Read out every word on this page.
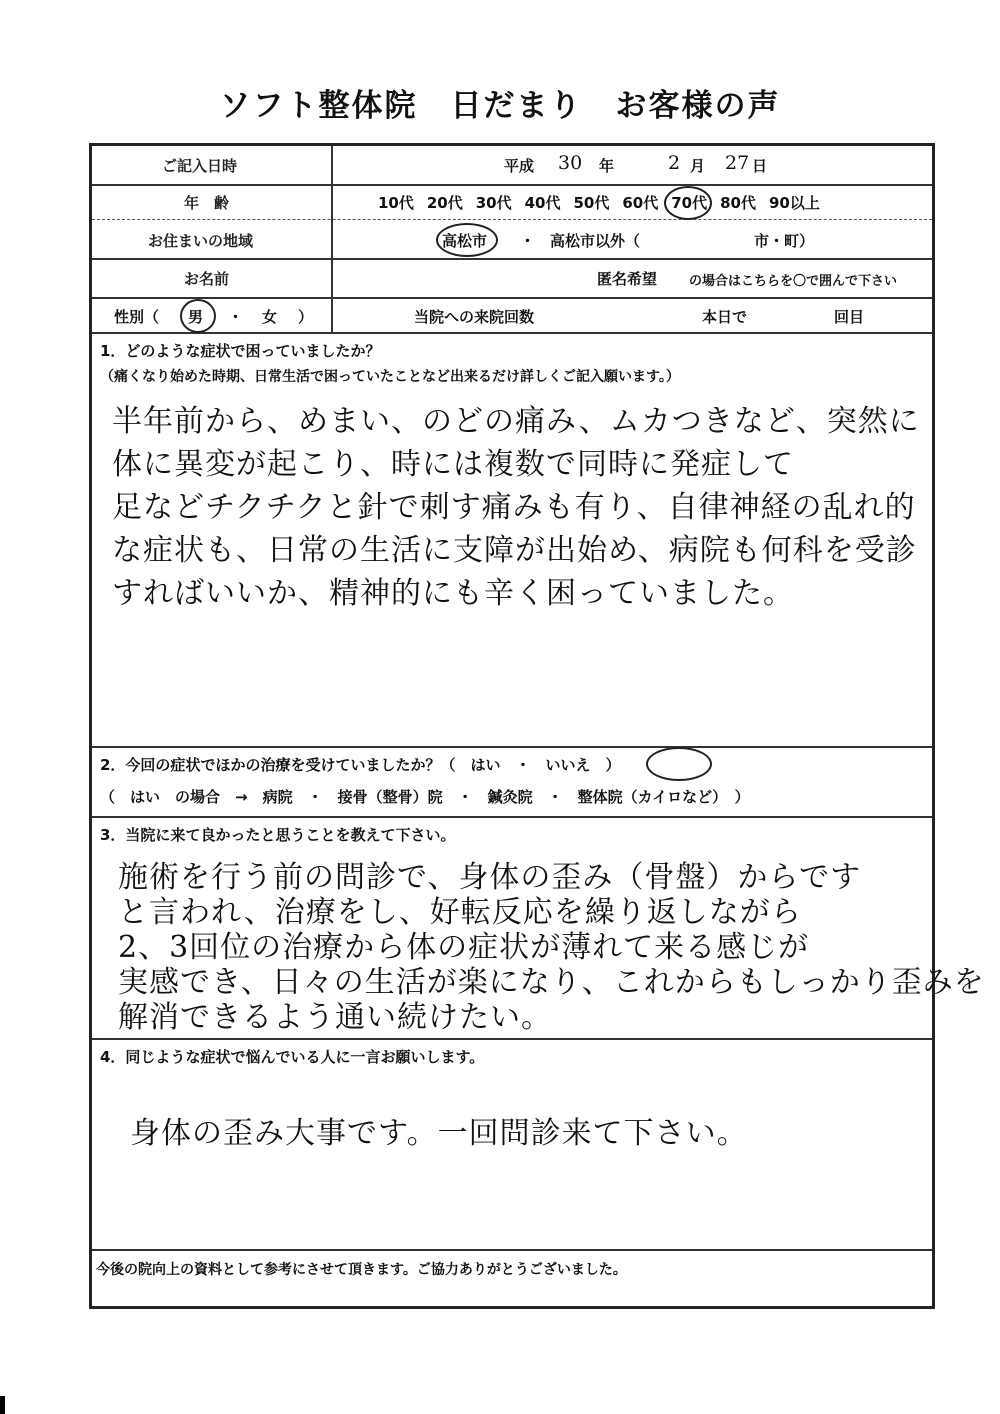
ソフト整体院　日だまり　お客様の声
ご記入日時	平成 30 年	2 月 27 日
年　齢	10代 20代 30代 40代 50代 60代 70代 80代 90以上
お住まいの地域	高松市 ・ 高松市以外（	市・町）
お名前	匿名希望 の場合はこちらを〇で囲んで下さい
性別（ 男 ・ 女 ）	当院への来院回数	本日で	回目
1．どのような症状で困っていましたか？
（痛くなり始めた時期、日常生活で困っていたことなど出来るだけ詳しくご記入願います。）
半年前から、めまい、のどの痛み、ムカつきなど、突然に
体に異変が起こり、時には複数で同時に発症して
足などチクチクと針で刺す痛みも有り、自律神経の乱れ的
な症状も、日常の生活に支障が出始め、病院も何科を受診
すればいいか、精神的にも辛く困っていました。
2．今回の症状でほかの治療を受けていましたか？（　はい　・　いいえ　）
（　はい　の場合　→　病院　・　接骨（整骨）院　・　鍼灸院　・　整体院（カイロなど）　）
3．当院に来て良かったと思うことを教えて下さい。
施術を行う前の問診で、身体の歪み（骨盤）からです
と言われ、治療をし、好転反応を繰り返しながら
2、3回位の治療から体の症状が薄れて来る感じが
実感でき、日々の生活が楽になり、これからもしっかり歪みを
解消できるよう通い続けたい。
4．同じような症状で悩んでいる人に一言お願いします。
身体の歪み大事です。一回問診来て下さい。
今後の院向上の資料として参考にさせて頂きます。ご協力ありがとうございました。
